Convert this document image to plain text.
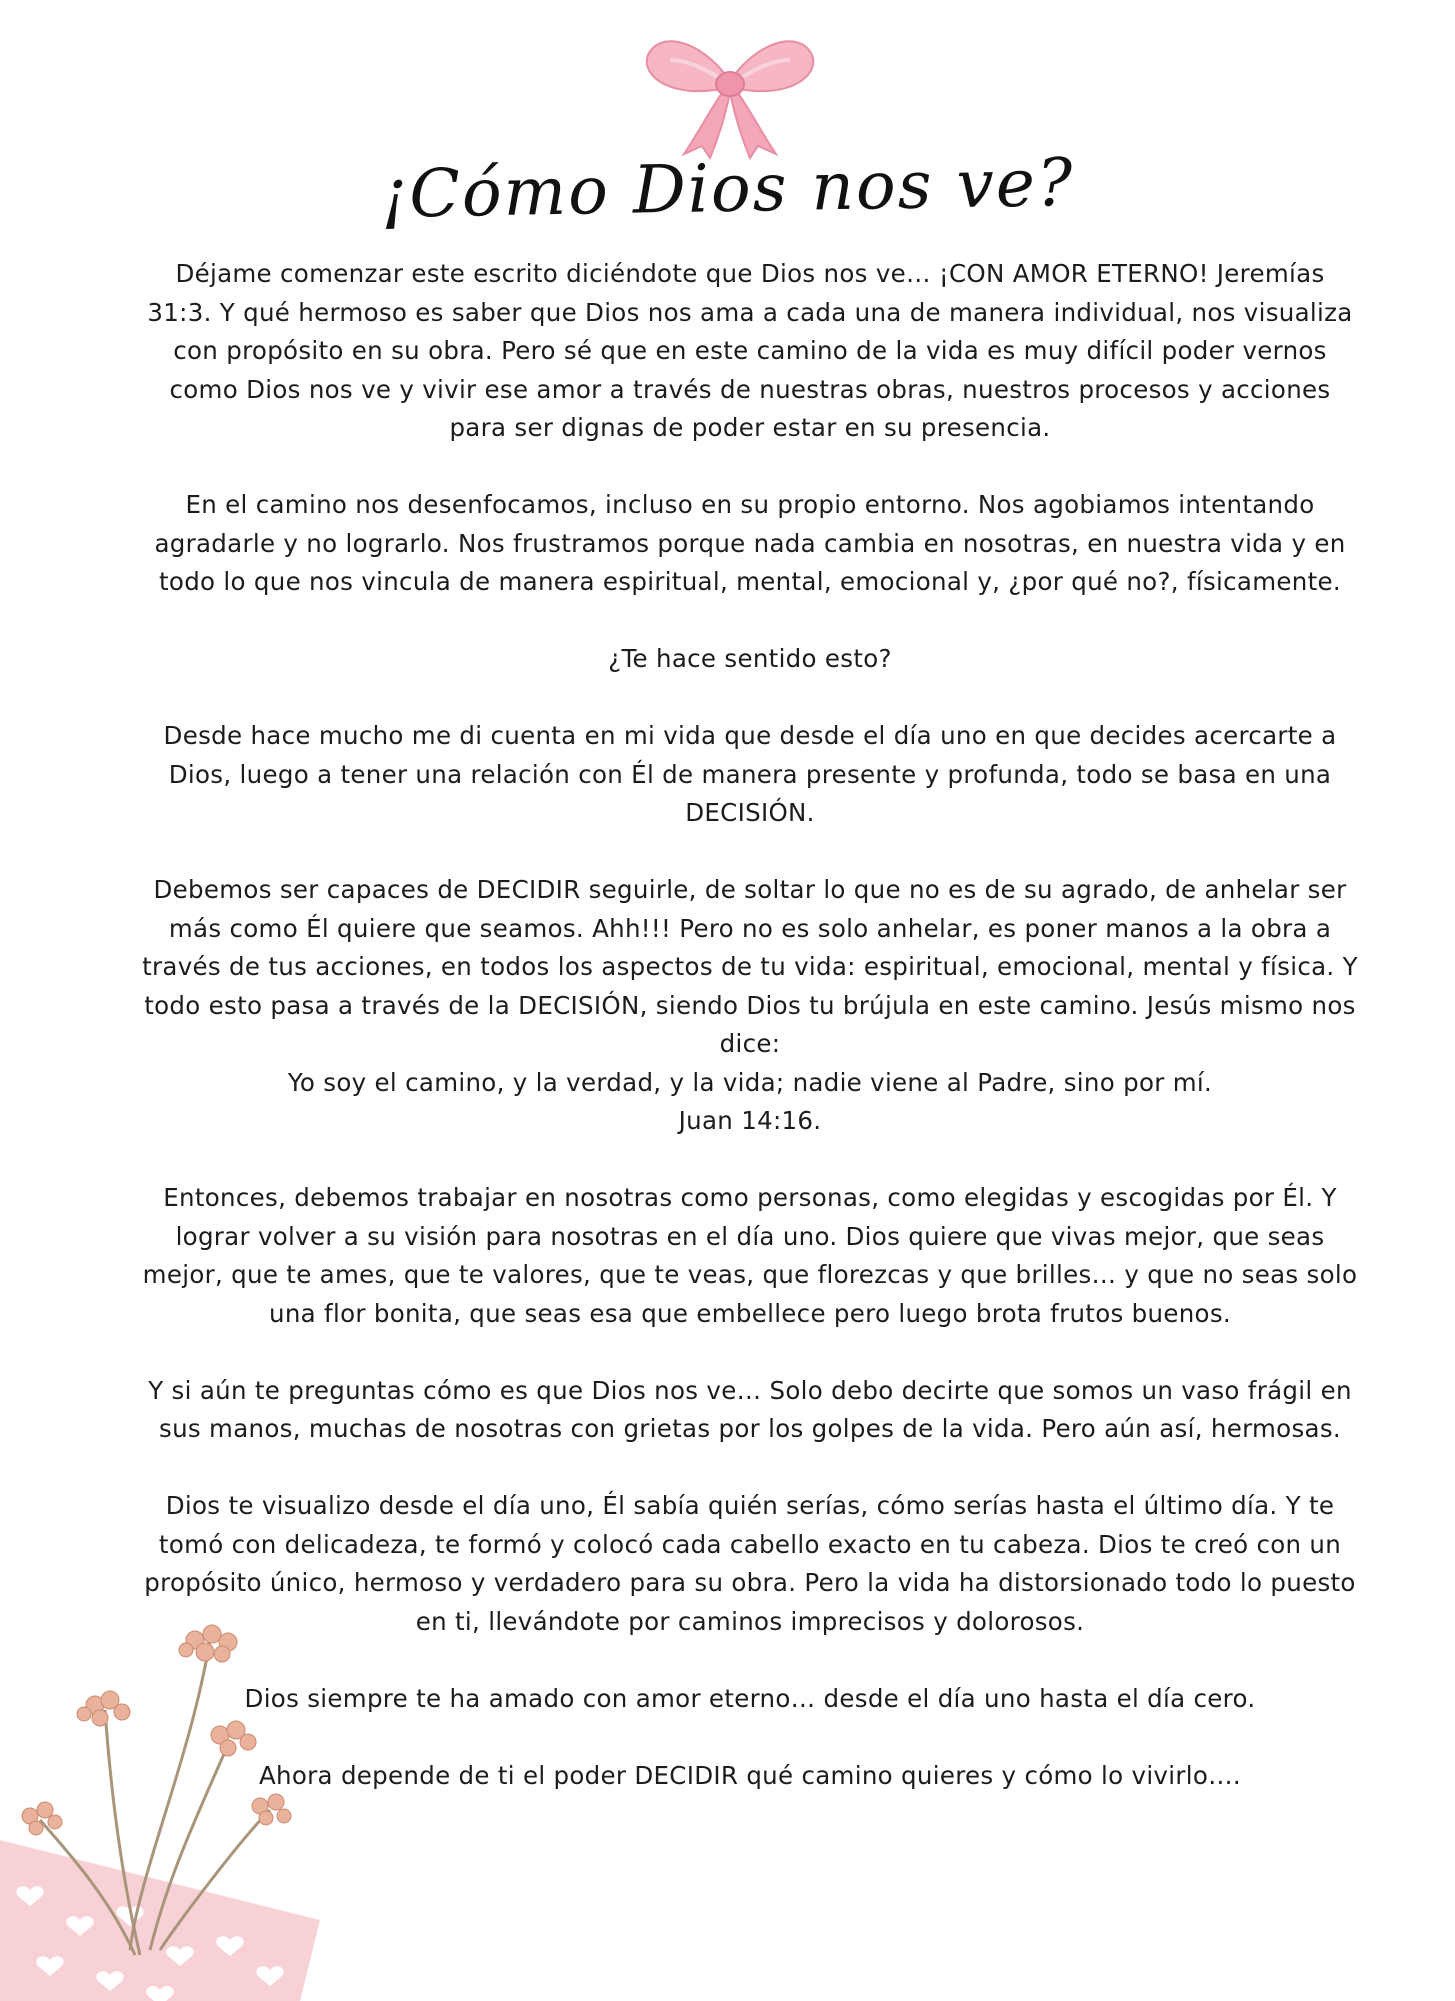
¡Cómo Dios nos ve?

Déjame comenzar este escrito diciéndote que Dios nos ve… ¡CON AMOR ETERNO! Jeremías 31:3. Y qué hermoso es saber que Dios nos ama a cada una de manera individual, nos visualiza con propósito en su obra. Pero sé que en este camino de la vida es muy difícil poder vernos como Dios nos ve y vivir ese amor a través de nuestras obras, nuestros procesos y acciones para ser dignas de poder estar en su presencia.

En el camino nos desenfocamos, incluso en su propio entorno. Nos agobiamos intentando agradarle y no lograrlo. Nos frustramos porque nada cambia en nosotras, en nuestra vida y en todo lo que nos vincula de manera espiritual, mental, emocional y, ¿por qué no?, físicamente.

¿Te hace sentido esto?

Desde hace mucho me di cuenta en mi vida que desde el día uno en que decides acercarte a Dios, luego a tener una relación con Él de manera presente y profunda, todo se basa en una DECISIÓN.

Debemos ser capaces de DECIDIR seguirle, de soltar lo que no es de su agrado, de anhelar ser más como Él quiere que seamos. Ahh!!! Pero no es solo anhelar, es poner manos a la obra a través de tus acciones, en todos los aspectos de tu vida: espiritual, emocional, mental y física. Y todo esto pasa a través de la DECISIÓN, siendo Dios tu brújula en este camino. Jesús mismo nos dice:

Yo soy el camino, y la verdad, y la vida; nadie viene al Padre, sino por mí.

Juan 14:16.

Entonces, debemos trabajar en nosotras como personas, como elegidas y escogidas por Él. Y lograr volver a su visión para nosotras en el día uno. Dios quiere que vivas mejor, que seas mejor, que te ames, que te valores, que te veas, que florezcas y que brilles… y que no seas solo una flor bonita, que seas esa que embellece pero luego brota frutos buenos.

Y si aún te preguntas cómo es que Dios nos ve… Solo debo decirte que somos un vaso frágil en sus manos, muchas de nosotras con grietas por los golpes de la vida. Pero aún así, hermosas.

Dios te visualizo desde el día uno, Él sabía quién serías, cómo serías hasta el último día. Y te tomó con delicadeza, te formó y colocó cada cabello exacto en tu cabeza. Dios te creó con un propósito único, hermoso y verdadero para su obra. Pero la vida ha distorsionado todo lo puesto en ti, llevándote por caminos imprecisos y dolorosos.

Dios siempre te ha amado con amor eterno… desde el día uno hasta el día cero.

Ahora depende de ti el poder DECIDIR qué camino quieres y cómo lo vivirlo….
